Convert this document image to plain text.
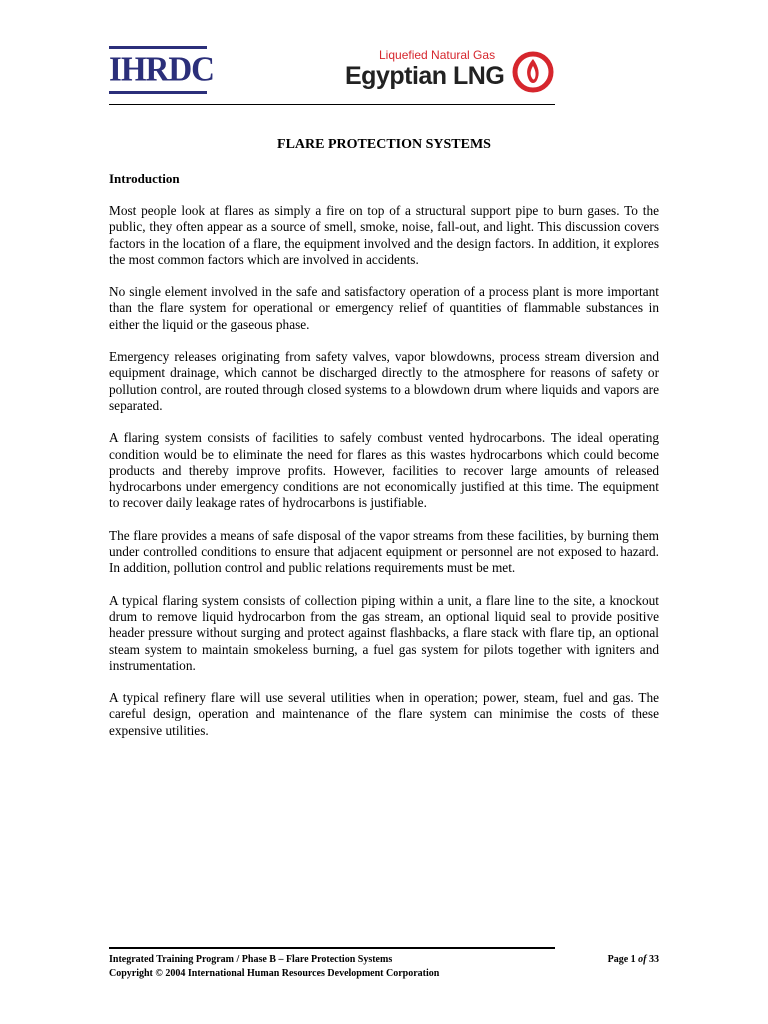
IHRDC	Liquefied Natural Gas
Egyptian LNG
FLARE PROTECTION SYSTEMS
Introduction

Most people look at flares as simply a fire on top of a structural support pipe to burn gases. To the public, they often appear as a source of smell, smoke, noise, fall-out, and light. This discussion covers factors in the location of a flare, the equipment involved and the design factors. In addition, it explores the most common factors which are involved in accidents.

No single element involved in the safe and satisfactory operation of a process plant is more important than the flare system for operational or emergency relief of quantities of flammable substances in either the liquid or the gaseous phase.

Emergency releases originating from safety valves, vapor blowdowns, process stream diversion and equipment drainage, which cannot be discharged directly to the atmosphere for reasons of safety or pollution control, are routed through closed systems to a blowdown drum where liquids and vapors are separated.

A flaring system consists of facilities to safely combust vented hydrocarbons. The ideal operating condition would be to eliminate the need for flares as this wastes hydrocarbons which could become products and thereby improve profits. However, facilities to recover large amounts of released hydrocarbons under emergency conditions are not economically justified at this time. The equipment to recover daily leakage rates of hydrocarbons is justifiable.

The flare provides a means of safe disposal of the vapor streams from these facilities, by burning them under controlled conditions to ensure that adjacent equipment or personnel are not exposed to hazard. In addition, pollution control and public relations requirements must be met.

A typical flaring system consists of collection piping within a unit, a flare line to the site, a knockout drum to remove liquid hydrocarbon from the gas stream, an optional liquid seal to provide positive header pressure without surging and protect against flashbacks, a flare stack with flare tip, an optional steam system to maintain smokeless burning, a fuel gas system for pilots together with igniters and instrumentation.

A typical refinery flare will use several utilities when in operation; power, steam, fuel and gas. The careful design, operation and maintenance of the flare system can minimise the costs of these expensive utilities.

Integrated Training Program / Phase B – Flare Protection Systems
Copyright © 2004 International Human Resources Development Corporation
Page 1 of 33
